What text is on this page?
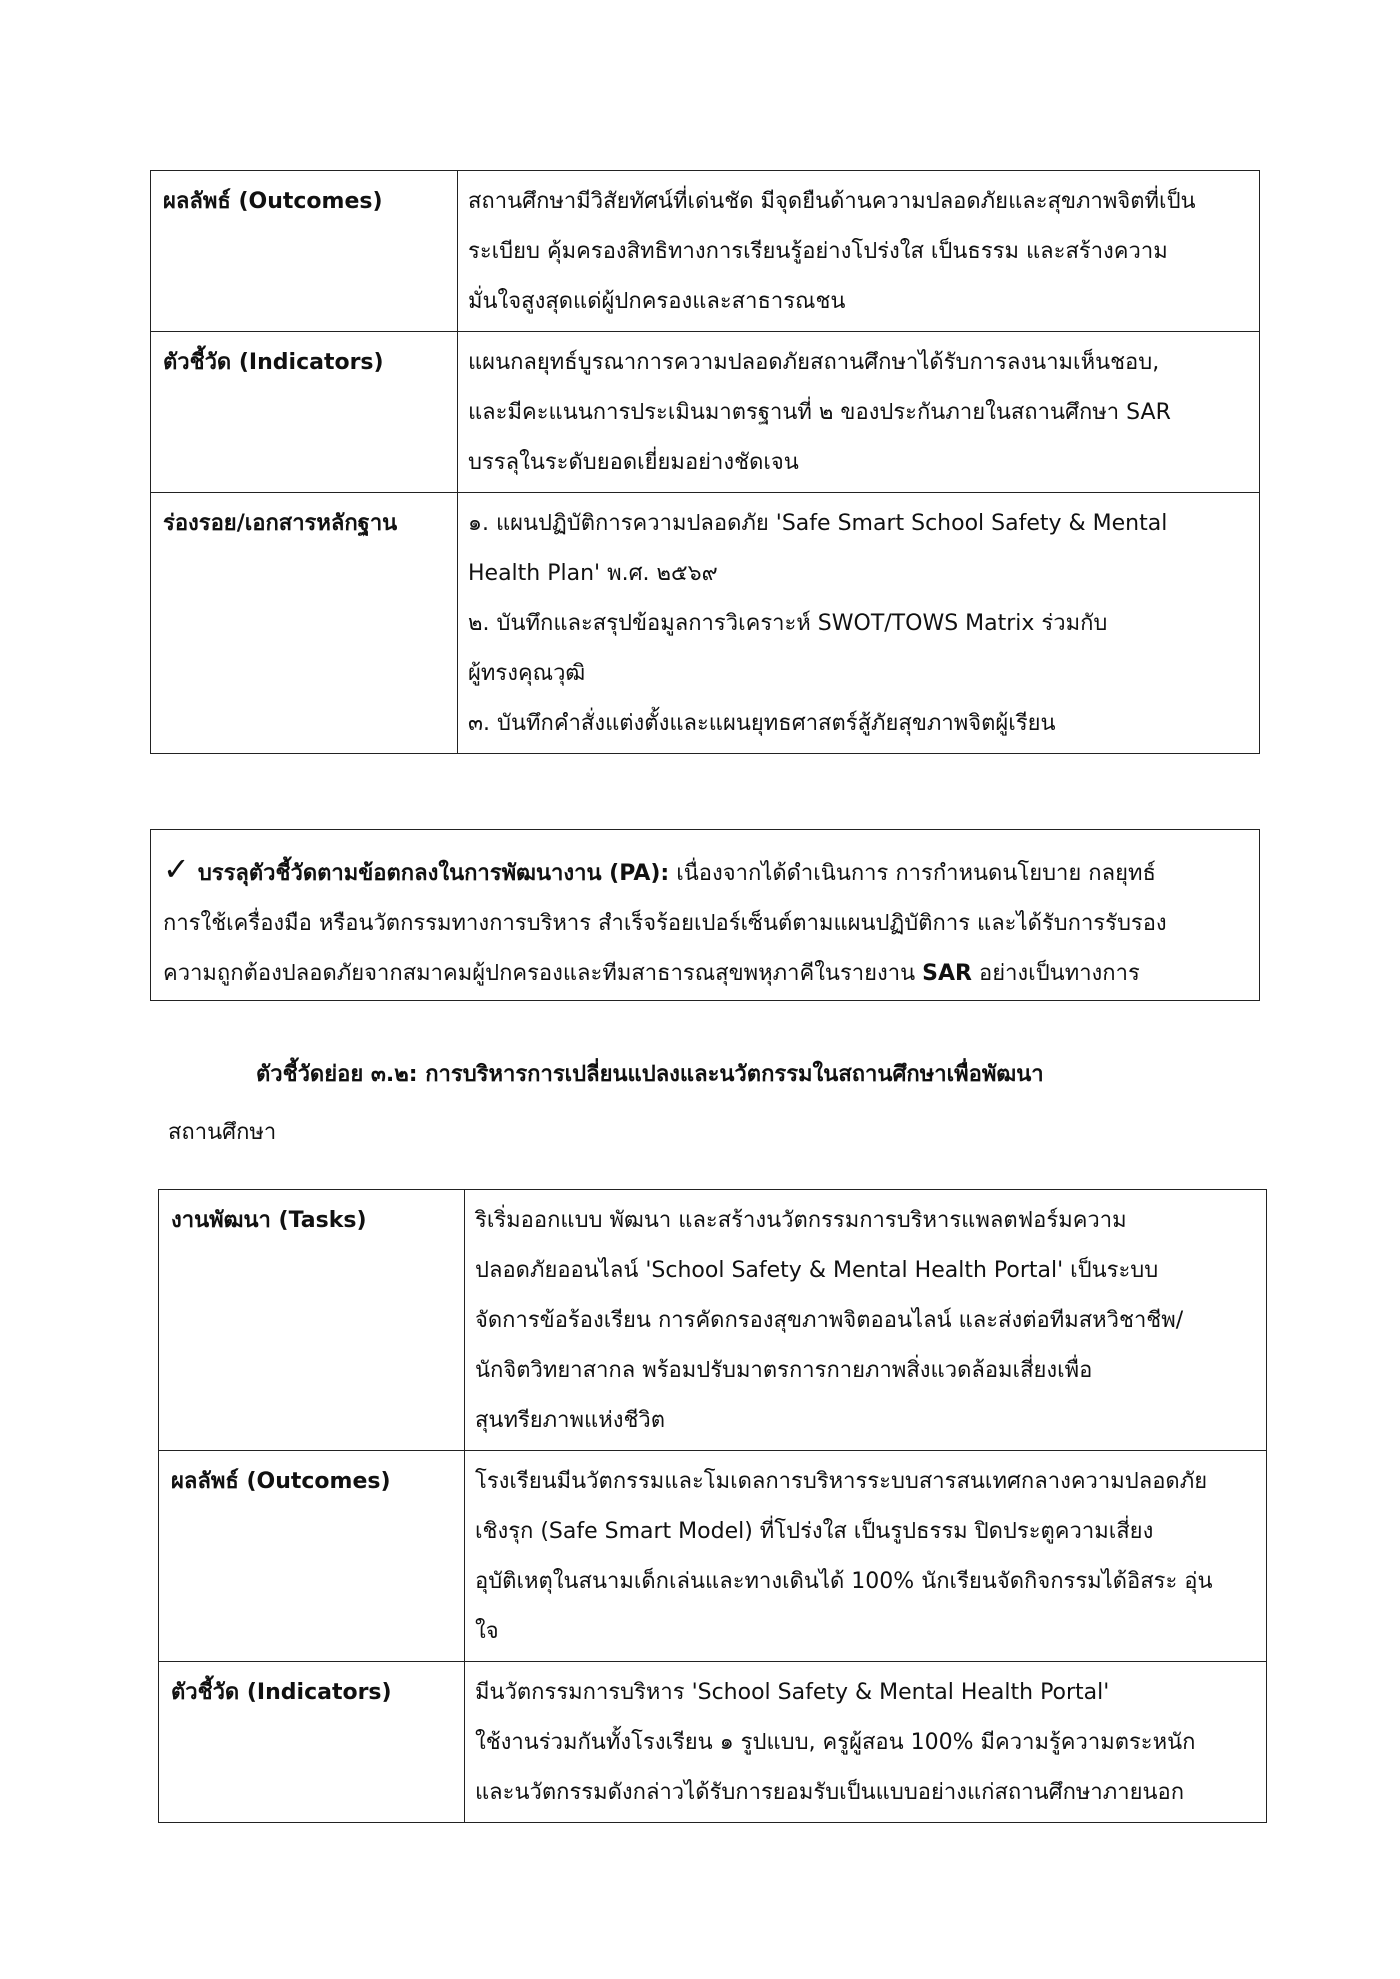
ผลลัพธ์ (Outcomes)	สถานศึกษามีวิสัยทัศน์ที่เด่นชัด มีจุดยืนด้านความปลอดภัยและสุขภาพจิตที่เป็น
ระเบียบ คุ้มครองสิทธิทางการเรียนรู้อย่างโปร่งใส เป็นธรรม และสร้างความ
มั่นใจสูงสุดแด่ผู้ปกครองและสาธารณชน

ตัวชี้วัด (Indicators)	แผนกลยุทธ์บูรณาการความปลอดภัยสถานศึกษาได้รับการลงนามเห็นชอบ,
และมีคะแนนการประเมินมาตรฐานที่ ๒ ของประกันภายในสถานศึกษา SAR
บรรลุในระดับยอดเยี่ยมอย่างชัดเจน

ร่องรอย/เอกสารหลักฐาน	๑. แผนปฏิบัติการความปลอดภัย 'Safe Smart School Safety & Mental
Health Plan' พ.ศ. ๒๕๖๙
๒. บันทึกและสรุปข้อมูลการวิเคราะห์ SWOT/TOWS Matrix ร่วมกับ
ผู้ทรงคุณวุฒิ
๓. บันทึกคำสั่งแต่งตั้งและแผนยุทธศาสตร์สู้ภัยสุขภาพจิตผู้เรียน
✓ บรรลุตัวชี้วัดตามข้อตกลงในการพัฒนางาน (PA): เนื่องจากได้ดำเนินการ การกำหนดนโยบาย กลยุทธ์
การใช้เครื่องมือ หรือนวัตกรรมทางการบริหาร สำเร็จร้อยเปอร์เซ็นต์ตามแผนปฏิบัติการ และได้รับการรับรอง
ความถูกต้องปลอดภัยจากสมาคมผู้ปกครองและทีมสาธารณสุขพหุภาคีในรายงาน SAR อย่างเป็นทางการ
ตัวชี้วัดย่อย ๓.๒: การบริหารการเปลี่ยนแปลงและนวัตกรรมในสถานศึกษาเพื่อพัฒนา
สถานศึกษา
งานพัฒนา (Tasks)	ริเริ่มออกแบบ พัฒนา และสร้างนวัตกรรมการบริหารแพลตฟอร์มความ
ปลอดภัยออนไลน์ 'School Safety & Mental Health Portal' เป็นระบบ
จัดการข้อร้องเรียน การคัดกรองสุขภาพจิตออนไลน์ และส่งต่อทีมสหวิชาชีพ/
นักจิตวิทยาสากล พร้อมปรับมาตรการกายภาพสิ่งแวดล้อมเสี่ยงเพื่อ
สุนทรียภาพแห่งชีวิต

ผลลัพธ์ (Outcomes)	โรงเรียนมีนวัตกรรมและโมเดลการบริหารระบบสารสนเทศกลางความปลอดภัย
เชิงรุก (Safe Smart Model) ที่โปร่งใส เป็นรูปธรรม ปิดประตูความเสี่ยง
อุบัติเหตุในสนามเด็กเล่นและทางเดินได้ 100% นักเรียนจัดกิจกรรมได้อิสระ อุ่น
ใจ

ตัวชี้วัด (Indicators)	มีนวัตกรรมการบริหาร 'School Safety & Mental Health Portal'
ใช้งานร่วมกันทั้งโรงเรียน ๑ รูปแบบ, ครูผู้สอน 100% มีความรู้ความตระหนัก
และนวัตกรรมดังกล่าวได้รับการยอมรับเป็นแบบอย่างแก่สถานศึกษาภายนอก
